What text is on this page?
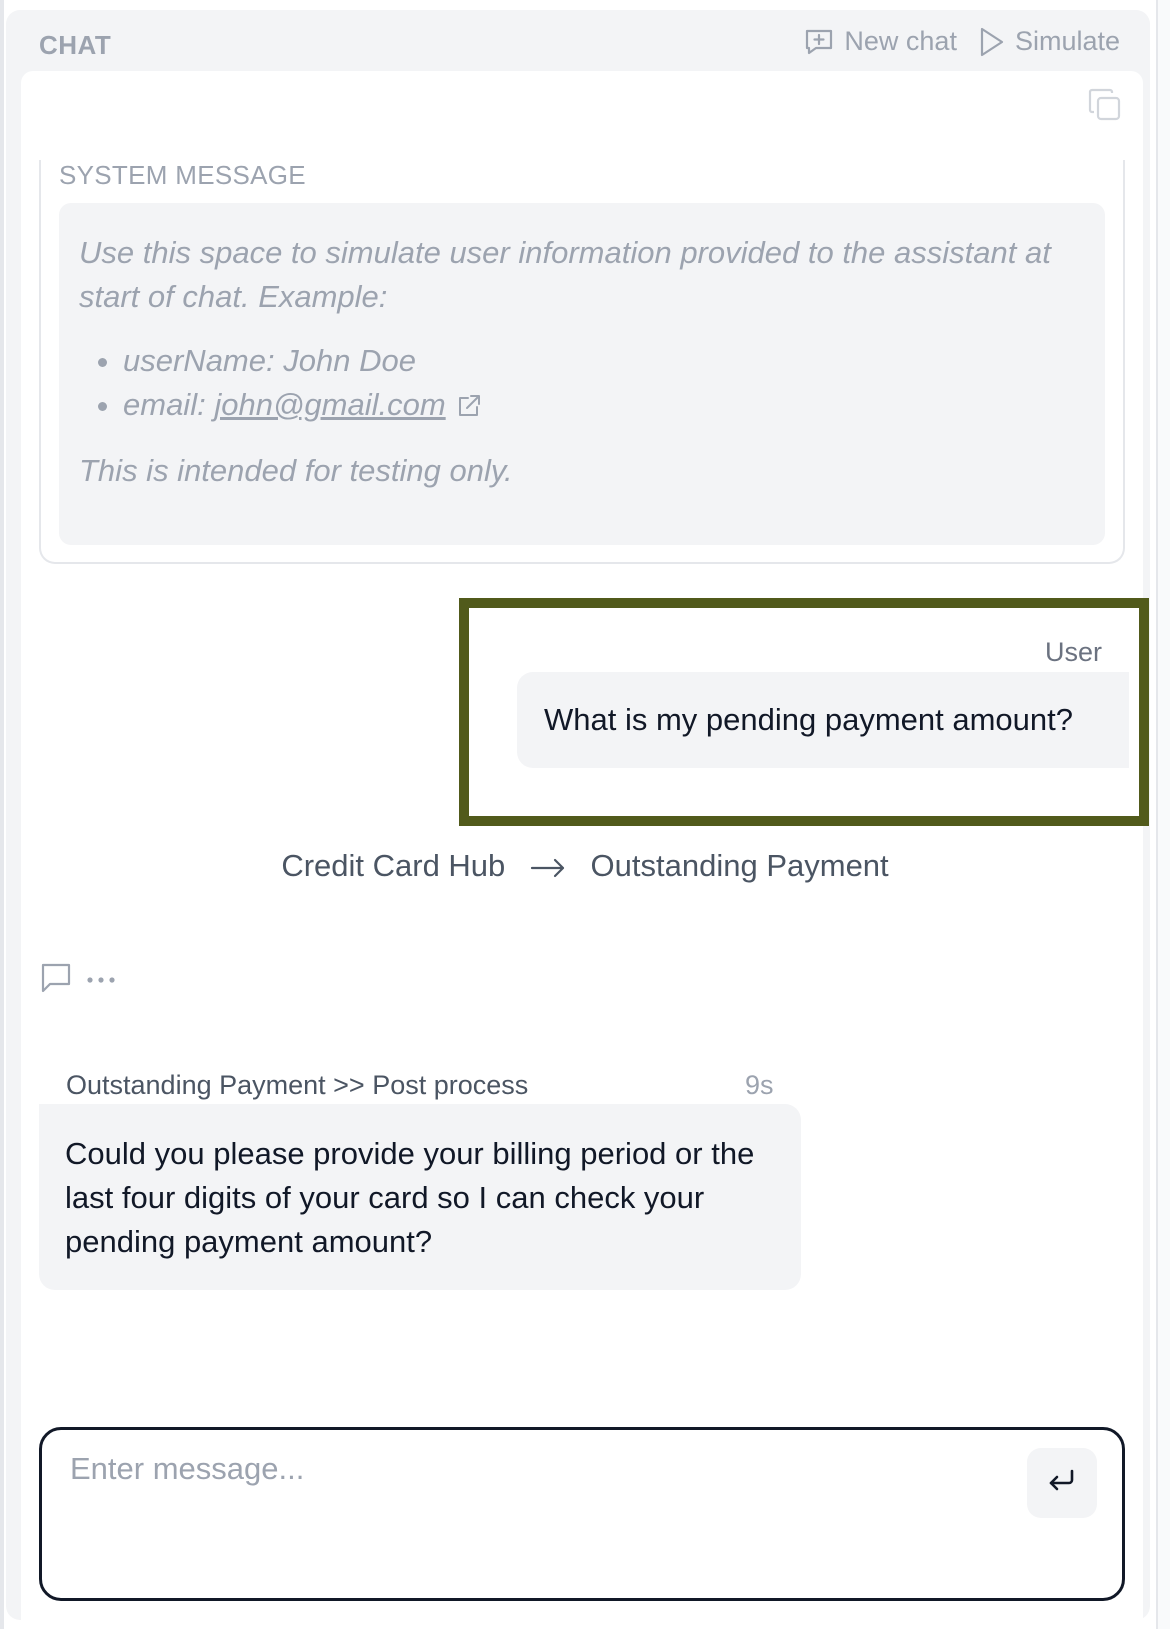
CHAT	New chat Simulate
SYSTEM MESSAGE
Use this space to simulate user information provided to the assistant at start of chat. Example:
• userName: John Doe
• email: john@gmail.com
This is intended for testing only.
User
What is my pending payment amount?
Credit Card Hub	Outstanding Payment
Outstanding Payment >> Post process	9s
Could you please provide your billing period or the last four digits of your card so I can check your pending payment amount?
Enter message...
